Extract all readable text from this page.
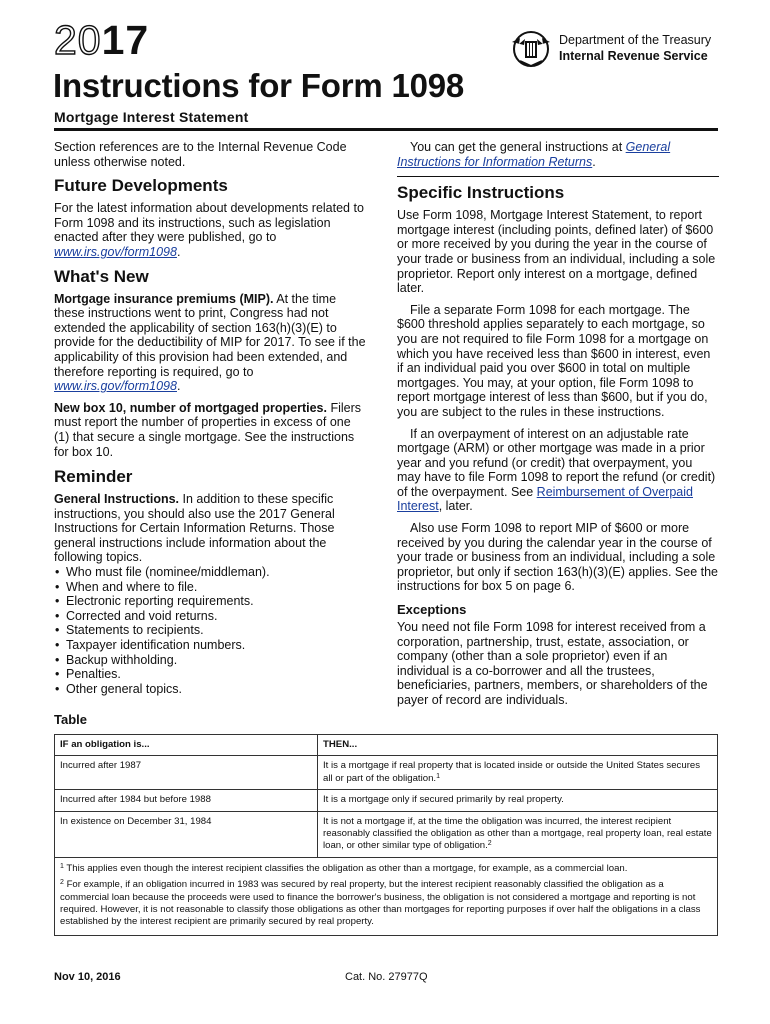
2017
Instructions for Form 1098
Mortgage Interest Statement
Department of the Treasury
Internal Revenue Service

Section references are to the Internal Revenue Code unless otherwise noted.

Future Developments

For the latest information about developments related to Form 1098 and its instructions, such as legislation enacted after they were published, go to www.irs.gov/form1098.

What's New

Mortgage insurance premiums (MIP). At the time these instructions went to print, Congress had not extended the applicability of section 163(h)(3)(E) to provide for the deductibility of MIP for 2017. To see if the applicability of this provision had been extended, and therefore reporting is required, go to www.irs.gov/form1098.

New box 10, number of mortgaged properties. Filers must report the number of properties in excess of one (1) that secure a single mortgage. See the instructions for box 10.

Reminder

General Instructions. In addition to these specific instructions, you should also use the 2017 General Instructions for Certain Information Returns. Those general instructions include information about the following topics.

• Who must file (nominee/middleman).
• When and where to file.
• Electronic reporting requirements.
• Corrected and void returns.
• Statements to recipients.
• Taxpayer identification numbers.
• Backup withholding.
• Penalties.
• Other general topics.

You can get the general instructions at General Instructions for Information Returns.

Specific Instructions

Use Form 1098, Mortgage Interest Statement, to report mortgage interest (including points, defined later) of $600 or more received by you during the year in the course of your trade or business from an individual, including a sole proprietor. Report only interest on a mortgage, defined later.

File a separate Form 1098 for each mortgage. The $600 threshold applies separately to each mortgage, so you are not required to file Form 1098 for a mortgage on which you have received less than $600 in interest, even if an individual paid you over $600 in total on multiple mortgages. You may, at your option, file Form 1098 to report mortgage interest of less than $600, but if you do, you are subject to the rules in these instructions.

If an overpayment of interest on an adjustable rate mortgage (ARM) or other mortgage was made in a prior year and you refund (or credit) that overpayment, you may have to file Form 1098 to report the refund (or credit) of the overpayment. See Reimbursement of Overpaid Interest, later.

Also use Form 1098 to report MIP of $600 or more received by you during the calendar year in the course of your trade or business from an individual, including a sole proprietor, but only if section 163(h)(3)(E) applies. See the instructions for box 5 on page 6.

Exceptions

You need not file Form 1098 for interest received from a corporation, partnership, trust, estate, association, or company (other than a sole proprietor) even if an individual is a co-borrower and all the trustees, beneficiaries, partners, members, or shareholders of the payer of record are individuals.

Table
IF an obligation is...	THEN...
Incurred after 1987	It is a mortgage if real property that is located inside or outside the United States secures all or part of the obligation.$^1$
Incurred after 1984 but before 1988	It is a mortgage only if secured primarily by real property.
In existence on December 31, 1984	It is not a mortgage if, at the time the obligation was incurred, the interest recipient reasonably classified the obligation as other than a mortgage, real property loan, real estate loan, or other similar type of obligation.$^2$

$^1$ This applies even though the interest recipient classifies the obligation as other than a mortgage, for example, as a commercial loan.
$^2$ For example, if an obligation incurred in 1983 was secured by real property, but the interest recipient reasonably classified the obligation as a commercial loan because the proceeds were used to finance the borrower's business, the obligation is not considered a mortgage and reporting is not required. However, it is not reasonable to classify those obligations as other than mortgages for reporting purposes if over half the obligations in a class established by the interest recipient are primarily secured by real property.	
Nov 10, 2016	Cat. No. 27977Q
